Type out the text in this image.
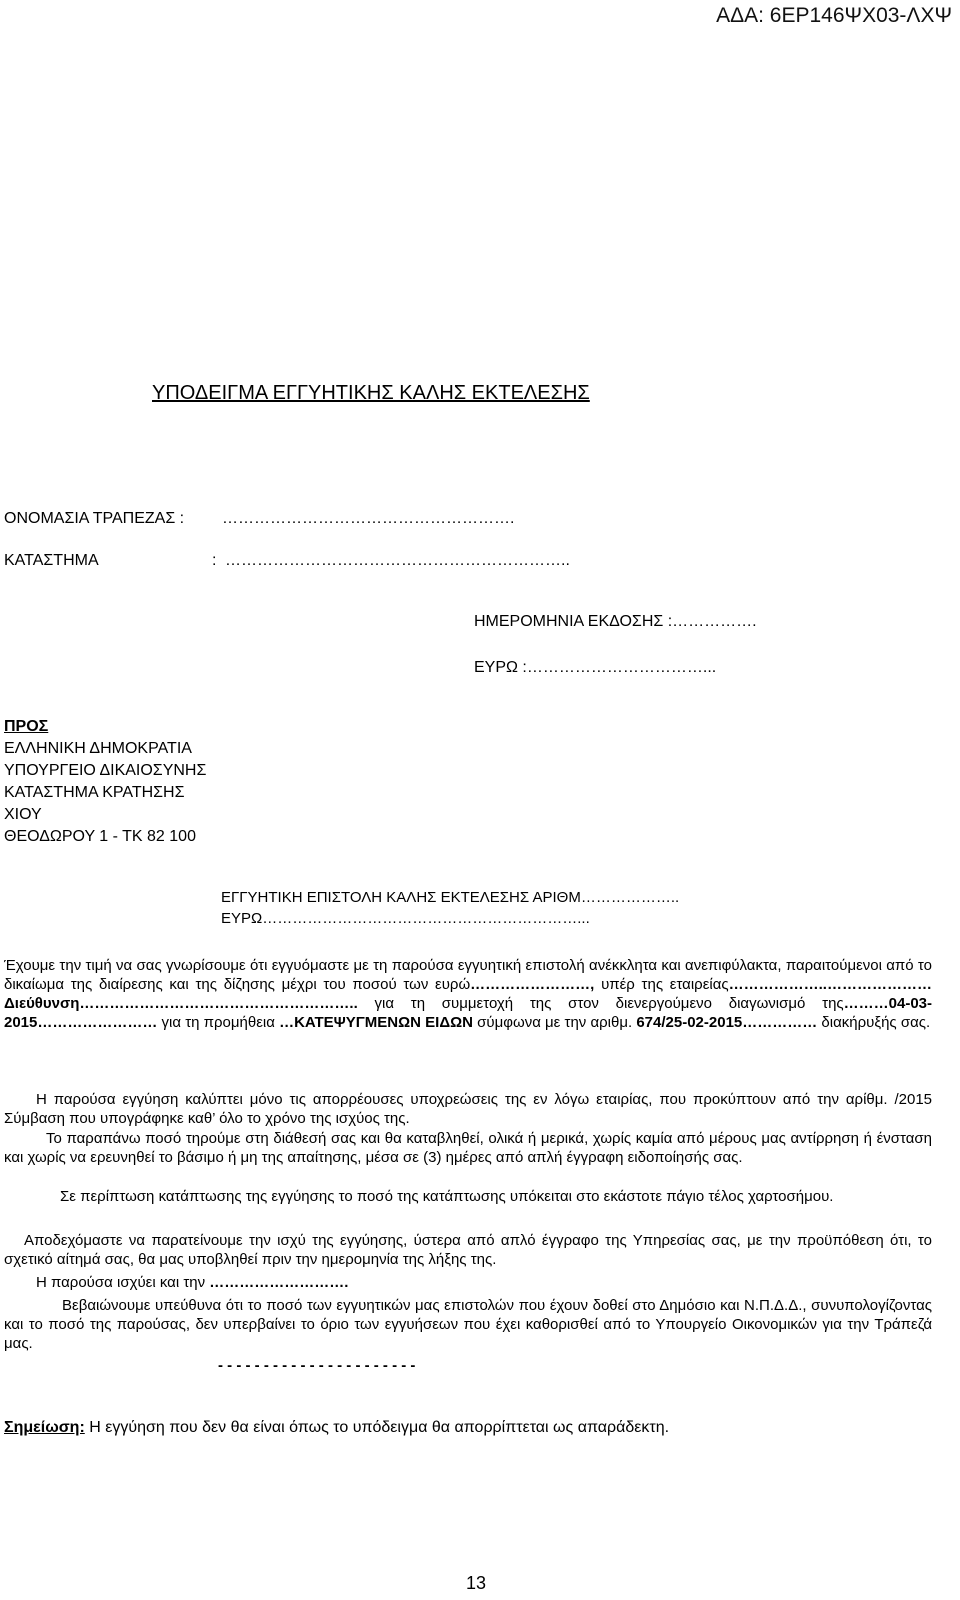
ΑΔΑ: 6ΕΡ146ΨΧ03-ΛΧΨ
ΥΠΟΔΕΙΓΜΑ ΕΓΓΥΗΤΙΚΗΣ ΚΑΛΗΣ ΕΚΤΕΛΕΣΗΣ
ΟΝΟΜΑΣΙΑ ΤΡΑΠΕΖΑΣ : ……………………………………………….
ΚΑΤΑΣΤΗΜΑ	: ………………………………………………………..
ΗΜΕΡΟΜΗΝΙΑ ΕΚΔΟΣΗΣ :…………….
ΕΥΡΩ :……………………………...
ΠΡΟΣ
ΕΛΛΗΝΙΚΗ ΔΗΜΟΚΡΑΤΙΑ
ΥΠΟΥΡΓΕΙΟ ΔΙΚΑΙΟΣΥΝΗΣ
ΚΑΤΑΣΤΗΜΑ ΚΡΑΤΗΣΗΣ
ΧΙΟΥ
ΘΕΟΔΩΡΟΥ 1 - ΤΚ 82 100
ΕΓΓΥΗΤΙΚΗ ΕΠΙΣΤΟΛΗ ΚΑΛΗΣ ΕΚΤΕΛΕΣΗΣ ΑΡΙΘΜ………………..
ΕΥΡΩ………………………………………………………...
Έχουμε την τιμή να σας γνωρίσουμε ότι εγγυόμαστε με τη παρούσα εγγυητική επιστολή ανέκκλητα και ανεπιφύλακτα, παραιτούμενοι από το δικαίωμα της διαίρεσης και της δίζησης μέχρι του ποσού των ευρώ……………………, υπέρ της εταιρείας………………..………………… Διεύθυνση……………………………………………….. για τη συμμετοχή της στον διενεργούμενο διαγωνισμό της………04-03-2015…………………… για τη προμήθεια …ΚΑΤΕΨΥΓΜΕΝΩΝ ΕΙΔΩΝ σύμφωνα με την αριθμ. 674/25-02-2015…………… διακήρυξής σας.
Η παρούσα εγγύηση καλύπτει μόνο τις απορρέουσες υποχρεώσεις της εν λόγω εταιρίας, που προκύπτουν από την αρίθμ. /2015 Σύμβαση που υπογράφηκε καθ’ όλο το χρόνο της ισχύος της.
Το παραπάνω ποσό τηρούμε στη διάθεσή σας και θα καταβληθεί, ολικά ή μερικά, χωρίς καμία από μέρους μας αντίρρηση ή ένσταση και χωρίς να ερευνηθεί το βάσιμο ή μη της απαίτησης, μέσα σε (3) ημέρες από απλή έγγραφη ειδοποίησής σας.
Σε περίπτωση κατάπτωσης της εγγύησης το ποσό της κατάπτωσης υπόκειται στο εκάστοτε πάγιο τέλος χαρτοσήμου.
Αποδεχόμαστε να παρατείνουμε την ισχύ της εγγύησης, ύστερα από απλό έγγραφο της Υπηρεσίας σας, με την προϋπόθεση ότι, το σχετικό αίτημά σας, θα μας υποβληθεί πριν την ημερομηνία της λήξης της.
Η παρούσα ισχύει και την ……………………….
Βεβαιώνουμε υπεύθυνα ότι το ποσό των εγγυητικών μας επιστολών που έχουν δοθεί στο Δημόσιο και Ν.Π.Δ.Δ., συνυπολογίζοντας και το ποσό της παρούσας, δεν υπερβαίνει το όριο των εγγυήσεων που έχει καθορισθεί από το Υπουργείο Οικονομικών για την Τράπεζά μας.
- - - - - - - - - - - - - - - - - - - - - -
Σημείωση: Η εγγύηση που δεν θα είναι όπως το υπόδειγμα θα απορρίπτεται ως απαράδεκτη.
13
